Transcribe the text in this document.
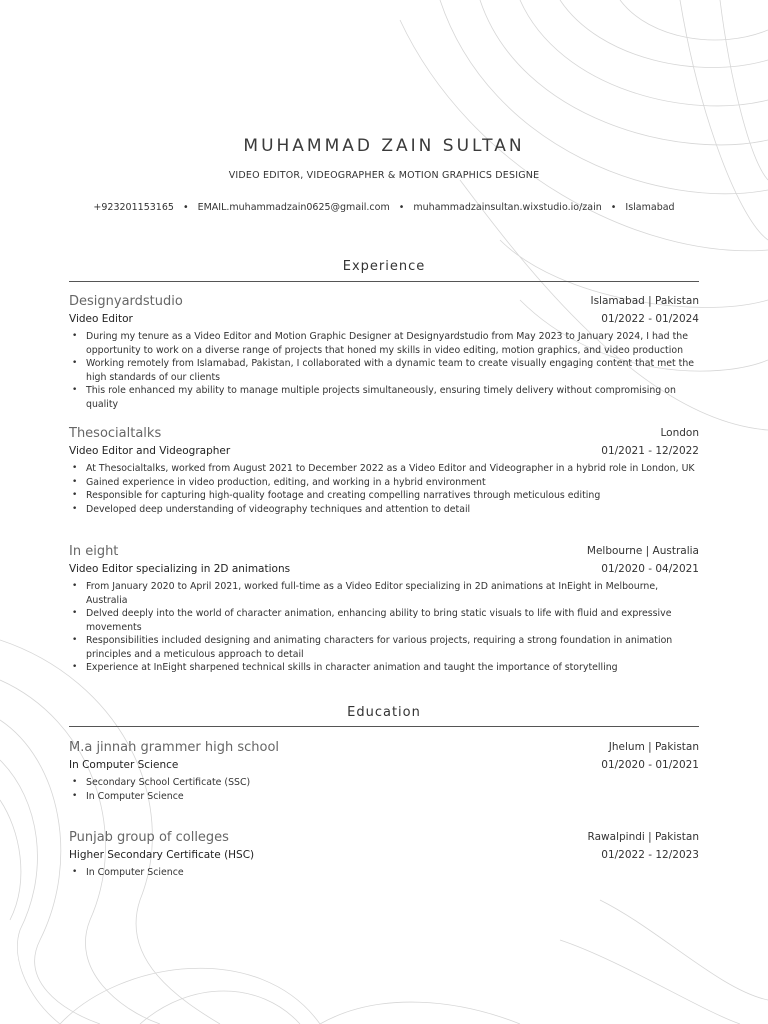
MUHAMMAD ZAIN SULTAN
VIDEO EDITOR, VIDEOGRAPHER & MOTION GRAPHICS DESIGNE
+923201153165 • EMAIL.muhammadzain0625@gmail.com • muhammadzainsultan.wixstudio.io/zain • Islamabad
Experience
Designyardstudio	Islamabad | Pakistan
Video Editor	01/2022 - 01/2024
• During my tenure as a Video Editor and Motion Graphic Designer at Designyardstudio from May 2023 to January 2024, I had the opportunity to work on a diverse range of projects that honed my skills in video editing, motion graphics, and video production
• Working remotely from Islamabad, Pakistan, I collaborated with a dynamic team to create visually engaging content that met the high standards of our clients
• This role enhanced my ability to manage multiple projects simultaneously, ensuring timely delivery without compromising on quality
Thesocialtalks	London
Video Editor and Videographer	01/2021 - 12/2022
• At Thesocialtalks, worked from August 2021 to December 2022 as a Video Editor and Videographer in a hybrid role in London, UK
• Gained experience in video production, editing, and working in a hybrid environment
• Responsible for capturing high-quality footage and creating compelling narratives through meticulous editing
• Developed deep understanding of videography techniques and attention to detail
In eight	Melbourne | Australia
Video Editor specializing in 2D animations	01/2020 - 04/2021
• From January 2020 to April 2021, worked full-time as a Video Editor specializing in 2D animations at InEight in Melbourne, Australia
• Delved deeply into the world of character animation, enhancing ability to bring static visuals to life with fluid and expressive movements
• Responsibilities included designing and animating characters for various projects, requiring a strong foundation in animation principles and a meticulous approach to detail
• Experience at InEight sharpened technical skills in character animation and taught the importance of storytelling
Education
M.a jinnah grammer high school	Jhelum | Pakistan
In Computer Science	01/2020 - 01/2021
• Secondary School Certificate (SSC)
• In Computer Science
Punjab group of colleges	Rawalpindi | Pakistan
Higher Secondary Certificate (HSC)	01/2022 - 12/2023
• In Computer Science
